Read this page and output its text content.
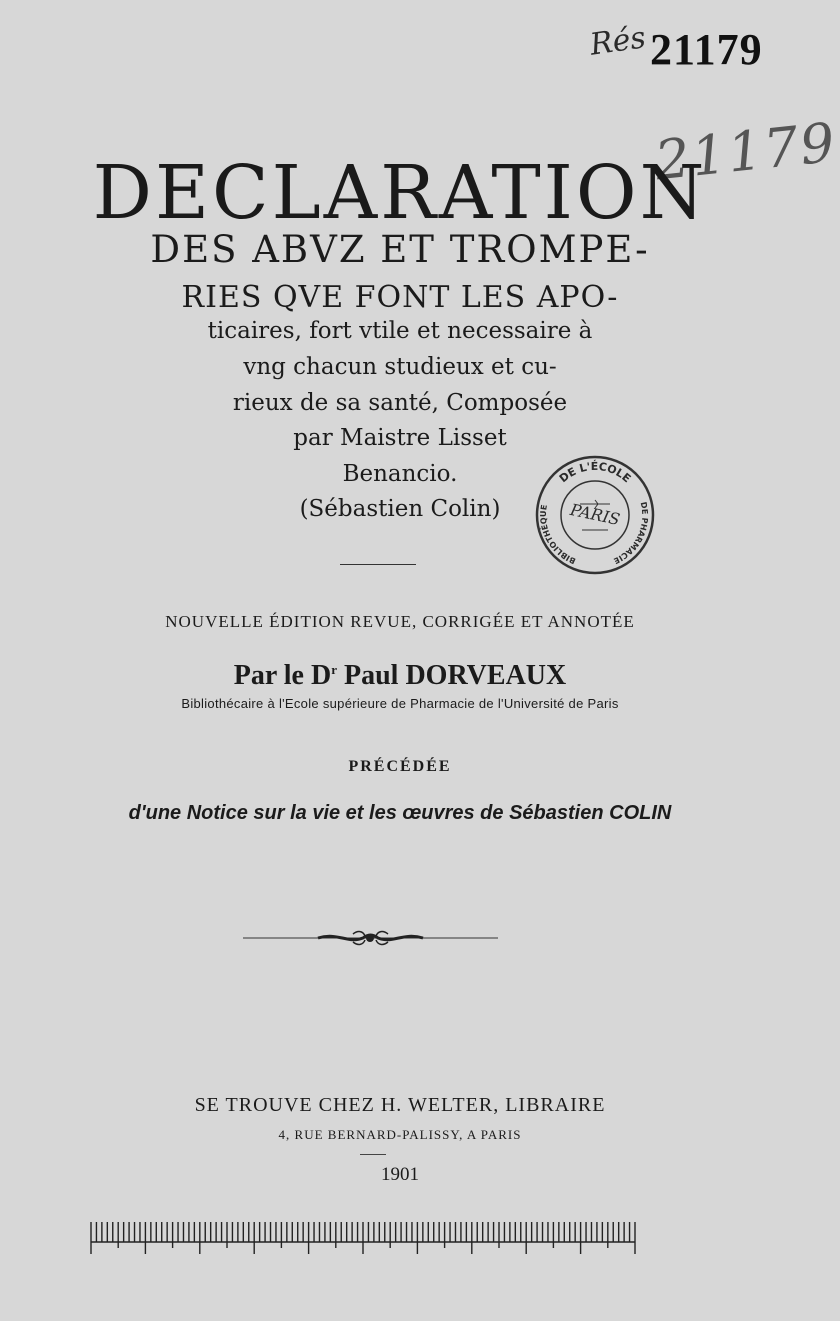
Rés 21179
21179
DECLARATION
DES ABVZ ET TROMPE-
RIES QVE FONT LES APO-
ticaires, fort vtile et necessaire à
vng chacun studieux et cu-
rieux de sa santé, Composée
par Maistre Lisset
Benancio.
(Sébastien Colin)
DE L'ÉCOLE
BIBLIOTHÈQUE	DE PHARMACIE
PARIS
NOUVELLE ÉDITION REVUE, CORRIGÉE ET ANNOTÉE
Par le $D^r$ Paul DORVEAUX
Bibliothécaire à l'Ecole supérieure de Pharmacie de l'Université de Paris
PRÉCÉDÉE
d'une Notice sur la vie et les œuvres de Sébastien COLIN
SE TROUVE CHEZ H. WELTER, LIBRAIRE
4, RUE BERNARD-PALISSY, A PARIS
1901
